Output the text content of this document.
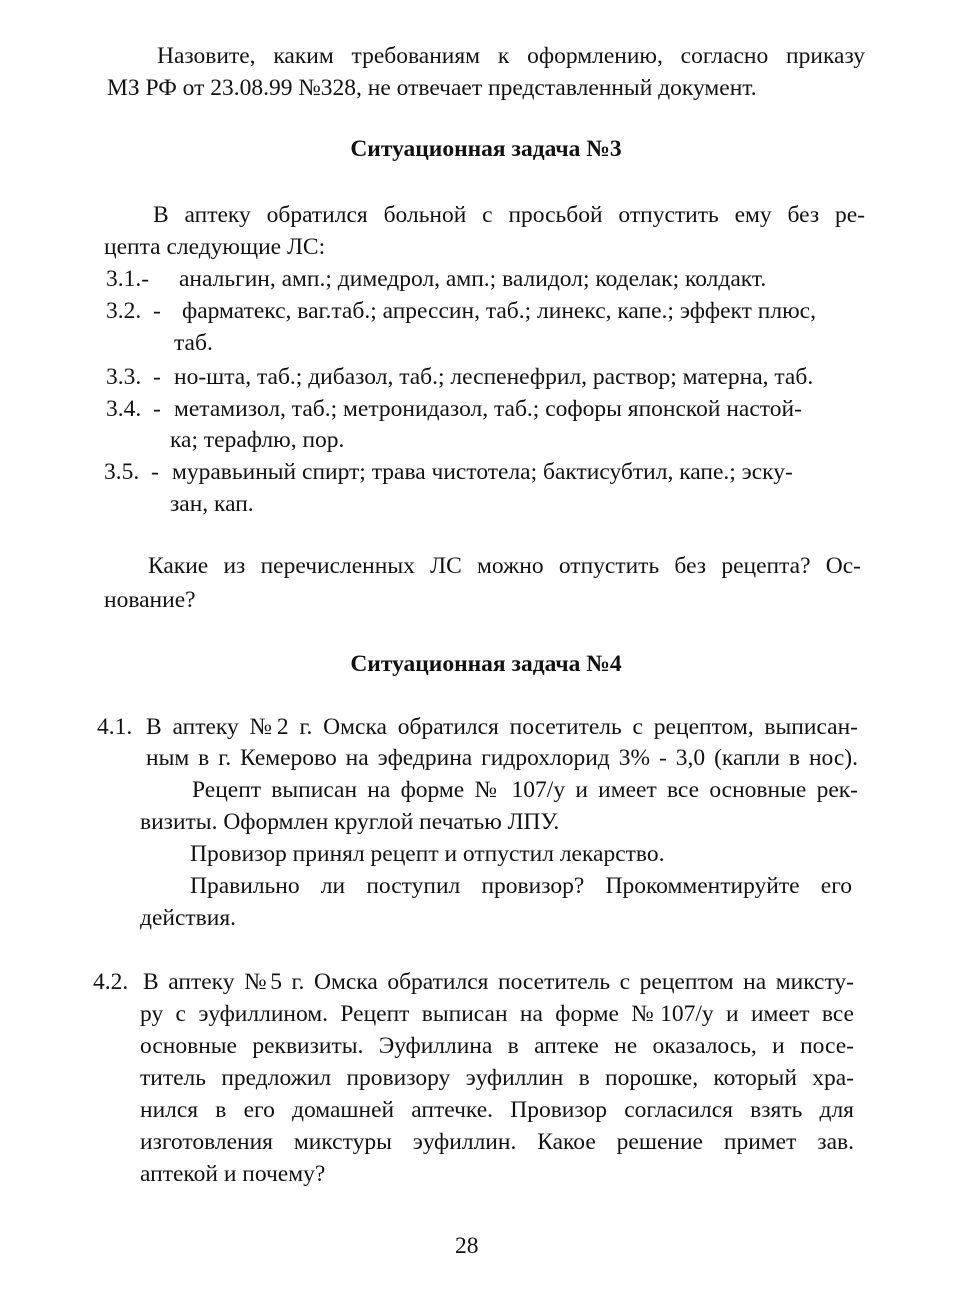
Назовите, каким требованиям к оформлению, согласно приказу
МЗ РФ от 23.08.99 №328, не отвечает представленный документ.
Ситуационная задача №3
В аптеку обратился больной с просьбой отпустить ему без ре-
цепта следующие ЛС:
3.1.- анальгин, амп.; димедрол, амп.; валидол; коделак; колдакт.
3.2.  - фарматекс, ваг.таб.; апрессин, таб.; линекс, капе.; эффект плюс,
таб.
3.3.  - но-шта, таб.; дибазол, таб.; леспенефрил, раствор; матерна, таб.
3.4.  - метамизол, таб.; метронидазол, таб.; софоры японской настой-
ка; терафлю, пор.
3.5.  - муравьиный спирт; трава чистотела; бактисубтил, капе.; эску-
зан, кап.
Какие из перечисленных ЛС можно отпустить без рецепта? Ос-
нование?
Ситуационная задача №4
4.1. В аптеку №2 г. Омска обратился посетитель с рецептом, выписан-
ным в г. Кемерово на эфедрина гидрохлорид 3% - 3,0 (капли в нос).
Рецепт выписан на форме № 107/у и имеет все основные рек-
визиты. Оформлен круглой печатью ЛПУ.
Провизор принял рецепт и отпустил лекарство.
Правильно ли поступил провизор? Прокомментируйте его
действия.
4.2. В аптеку №5 г. Омска обратился посетитель с рецептом на миксту-
ру с эуфиллином. Рецепт выписан на форме №107/у и имеет все
основные реквизиты. Эуфиллина в аптеке не оказалось, и посе-
титель предложил провизору эуфиллин в порошке, который хра-
нился в его домашней аптечке. Провизор согласился взять для
изготовления микстуры эуфиллин. Какое решение примет зав.
аптекой и почему?
28
